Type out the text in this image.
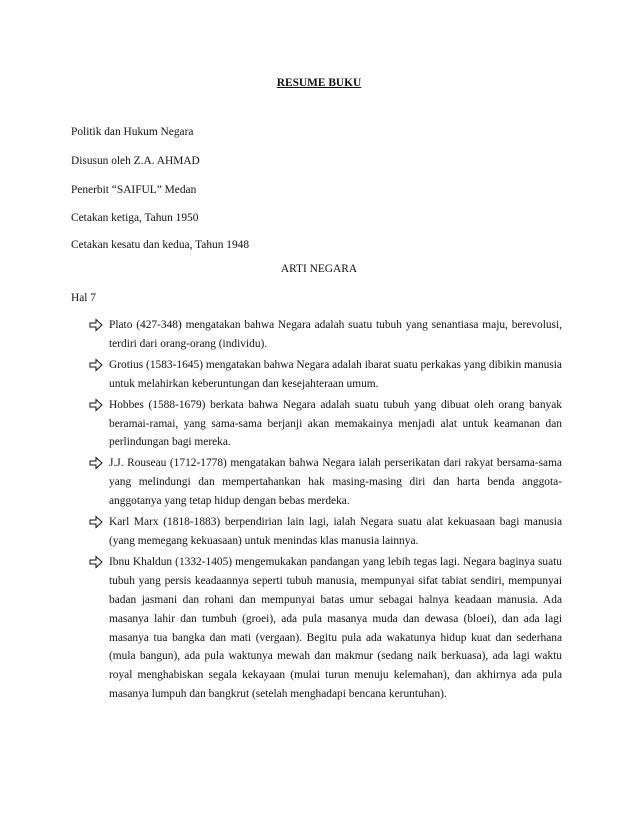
RESUME BUKU

Politik dan Hukum Negara

Disusun oleh Z.A. AHMAD

Penerbit “SAIFUL” Medan

Cetakan ketiga, Tahun 1950

Cetakan kesatu dan kedua, Tahun 1948

ARTI NEGARA
Hal 7

Plato (427-348) mengatakan bahwa Negara adalah suatu tubuh yang senantiasa maju, berevolusi, terdiri dari orang-orang (individu).

Grotius (1583-1645) mengatakan bahwa Negara adalah ibarat suatu perkakas yang dibikin manusia untuk melahirkan keberuntungan dan kesejahteraan umum.

Hobbes (1588-1679) berkata bahwa Negara adalah suatu tubuh yang dibuat oleh orang banyak beramai-ramai, yang sama-sama berjanji akan memakainya menjadi alat untuk keamanan dan perlindungan bagi mereka.

J.J. Rouseau (1712-1778) mengatakan bahwa Negara ialah perserikatan dari rakyat bersama-sama yang melindungi dan mempertahankan hak masing-masing diri dan harta benda anggota-anggotanya yang tetap hidup dengan bebas merdeka.

Karl Marx (1818-1883) berpendirian lain lagi, ialah Negara suatu alat kekuasaan bagi manusia (yang memegang kekuasaan) untuk menindas klas manusia lainnya.

Ibnu Khaldun (1332-1405) mengemukakan pandangan yang lebih tegas lagi. Negara baginya suatu tubuh yang persis keadaannya seperti tubuh manusia, mempunyai sifat tabiat sendiri, mempunyai badan jasmani dan rohani dan mempunyai batas umur sebagai halnya keadaan manusia. Ada masanya lahir dan tumbuh (groei), ada pula masanya muda dan dewasa (bloei), dan ada lagi masanya tua bangka dan mati (vergaan). Begitu pula ada wakatunya hidup kuat dan sederhana (mula bangun), ada pula waktunya mewah dan makmur (sedang naik berkuasa), ada lagi waktu royal menghabiskan segala kekayaan (mulai turun menuju kelemahan), dan akhirnya ada pula masanya lumpuh dan bangkrut (setelah menghadapi bencana keruntuhan).
